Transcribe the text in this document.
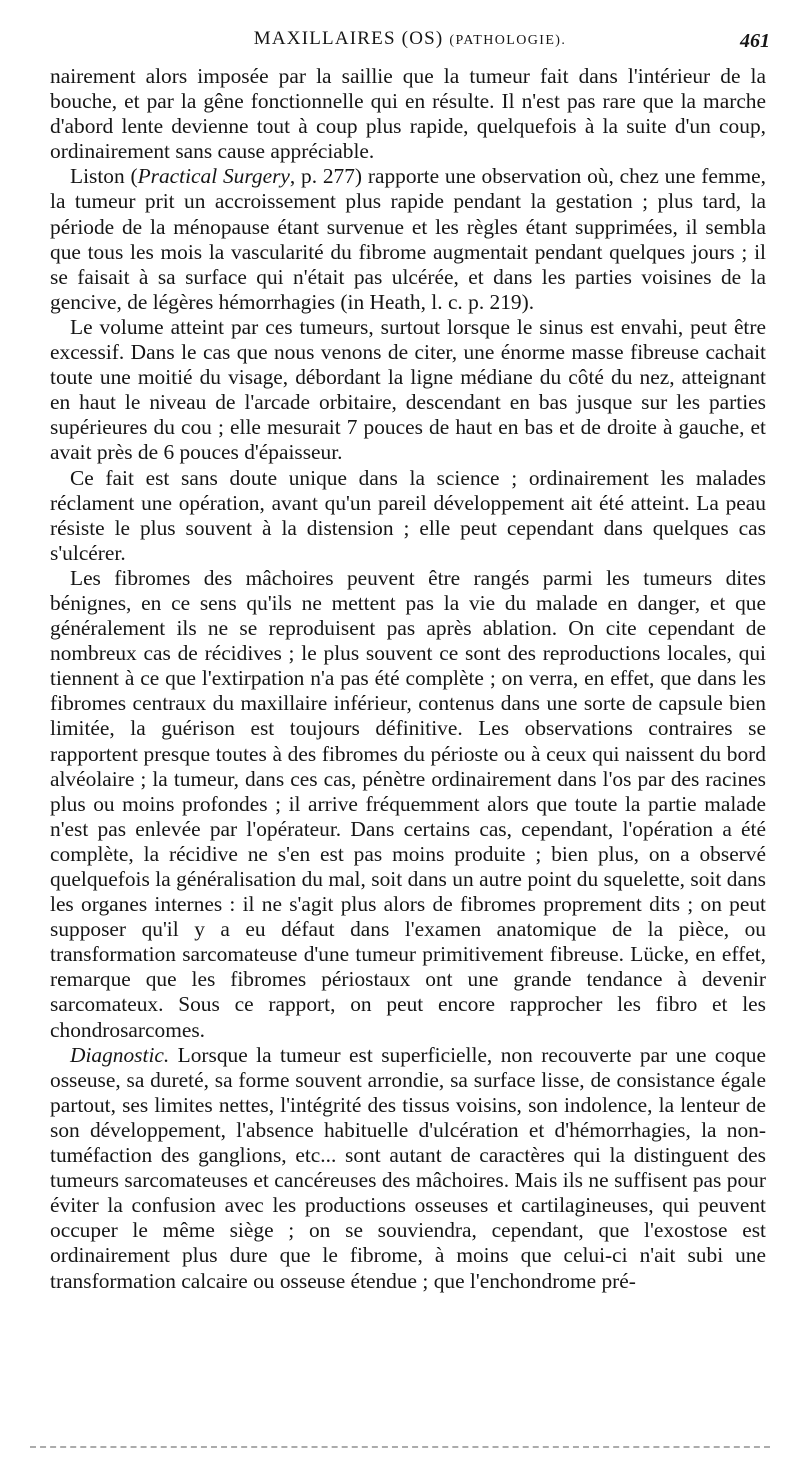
MAXILLAIRES (OS) (PATHOLOGIE).	461

nairement alors imposée par la saillie que la tumeur fait dans l'intérieur de la bouche, et par la gêne fonctionnelle qui en résulte. Il n'est pas rare que la marche d'abord lente devienne tout à coup plus rapide, quelquefois à la suite d'un coup, ordinairement sans cause appréciable.

Liston (Practical Surgery, p. 277) rapporte une observation où, chez une femme, la tumeur prit un accroissement plus rapide pendant la gestation ; plus tard, la période de la ménopause étant survenue et les règles étant supprimées, il sembla que tous les mois la vascularité du fibrome augmentait pendant quelques jours ; il se faisait à sa surface qui n'était pas ulcérée, et dans les parties voisines de la gencive, de légères hémorrhagies (in Heath, l. c. p. 219).

Le volume atteint par ces tumeurs, surtout lorsque le sinus est envahi, peut être excessif. Dans le cas que nous venons de citer, une énorme masse fibreuse cachait toute une moitié du visage, débordant la ligne médiane du côté du nez, atteignant en haut le niveau de l'arcade orbitaire, descendant en bas jusque sur les parties supérieures du cou ; elle mesurait 7 pouces de haut en bas et de droite à gauche, et avait près de 6 pouces d'épaisseur.

Ce fait est sans doute unique dans la science ; ordinairement les malades réclament une opération, avant qu'un pareil développement ait été atteint. La peau résiste le plus souvent à la distension ; elle peut cependant dans quelques cas s'ulcérer.

Les fibromes des mâchoires peuvent être rangés parmi les tumeurs dites bénignes, en ce sens qu'ils ne mettent pas la vie du malade en danger, et que généralement ils ne se reproduisent pas après ablation. On cite cependant de nombreux cas de récidives ; le plus souvent ce sont des reproductions locales, qui tiennent à ce que l'extirpation n'a pas été complète ; on verra, en effet, que dans les fibromes centraux du maxillaire inférieur, contenus dans une sorte de capsule bien limitée, la guérison est toujours définitive. Les observations contraires se rapportent presque toutes à des fibromes du périoste ou à ceux qui naissent du bord alvéolaire ; la tumeur, dans ces cas, pénètre ordinairement dans l'os par des racines plus ou moins profondes ; il arrive fréquemment alors que toute la partie malade n'est pas enlevée par l'opérateur. Dans certains cas, cependant, l'opération a été complète, la récidive ne s'en est pas moins produite ; bien plus, on a observé quelquefois la généralisation du mal, soit dans un autre point du squelette, soit dans les organes internes : il ne s'agit plus alors de fibromes proprement dits ; on peut supposer qu'il y a eu défaut dans l'examen anatomique de la pièce, ou transformation sarcomateuse d'une tumeur primitivement fibreuse. Lücke, en effet, remarque que les fibromes périostaux ont une grande tendance à devenir sarcomateux. Sous ce rapport, on peut encore rapprocher les fibro et les chondrosarcomes.

Diagnostic. Lorsque la tumeur est superficielle, non recouverte par une coque osseuse, sa dureté, sa forme souvent arrondie, sa surface lisse, de consistance égale partout, ses limites nettes, l'intégrité des tissus voisins, son indolence, la lenteur de son développement, l'absence habituelle d'ulcération et d'hémorrhagies, la non-tuméfaction des ganglions, etc... sont autant de caractères qui la distinguent des tumeurs sarcomateuses et cancéreuses des mâchoires. Mais ils ne suffisent pas pour éviter la confusion avec les productions osseuses et cartilagineuses, qui peuvent occuper le même siège ; on se souviendra, cependant, que l'exostose est ordinairement plus dure que le fibrome, à moins que celui-ci n'ait subi une transformation calcaire ou osseuse étendue ; que l'enchondrome pré-
